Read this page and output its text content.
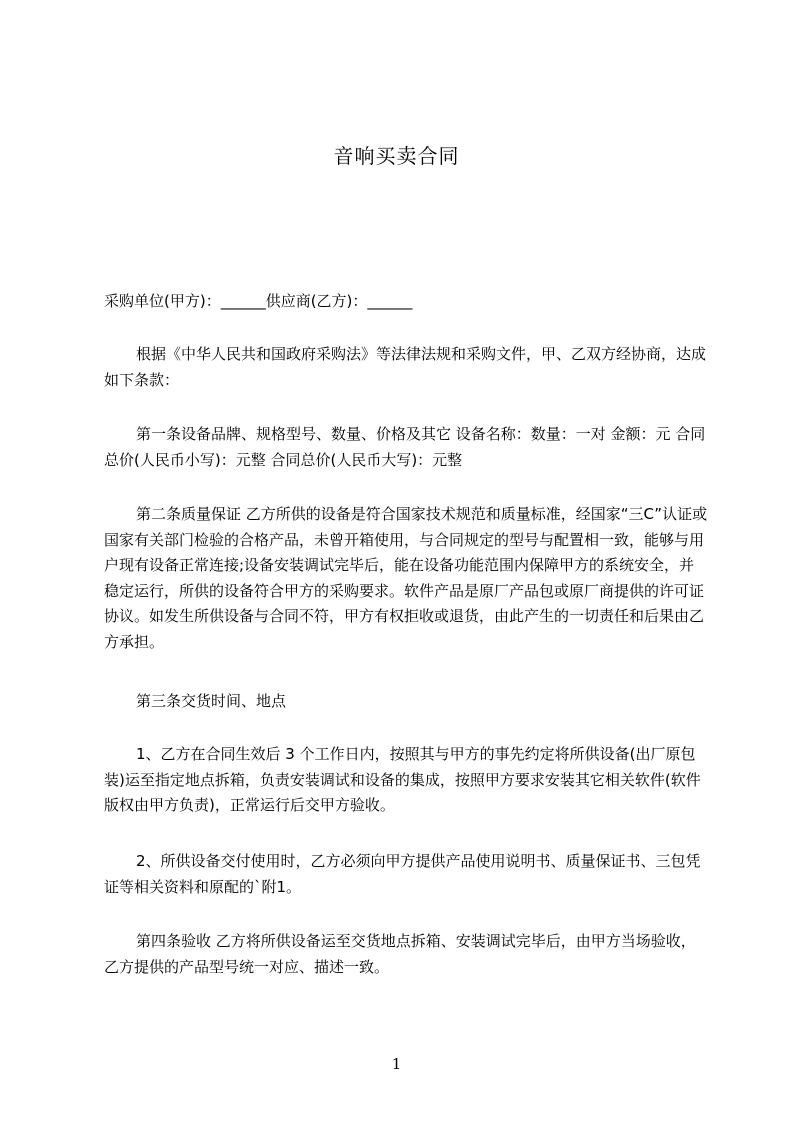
音响买卖合同

采购单位(甲方)：______供应商(乙方)：______

根据《中华人民共和国政府采购法》等法律法规和采购文件，甲、乙双方经协商，达成如下条款：

第一条设备品牌、规格型号、数量、价格及其它 设备名称：数量：一对 金额：元 合同总价(人民币小写)：元整 合同总价(人民币大写)：元整

第二条质量保证 乙方所供的设备是符合国家技术规范和质量标准，经国家“三C”认证或国家有关部门检验的合格产品，未曾开箱使用，与合同规定的型号与配置相一致，能够与用户现有设备正常连接;设备安装调试完毕后，能在设备功能范围内保障甲方的系统安全，并稳定运行，所供的设备符合甲方的采购要求。软件产品是原厂产品包或原厂商提供的许可证协议。如发生所供设备与合同不符，甲方有权拒收或退货，由此产生的一切责任和后果由乙方承担。

第三条交货时间、地点

1、乙方在合同生效后 3 个工作日内，按照其与甲方的事先约定将所供设备(出厂原包装)运至指定地点拆箱，负责安装调试和设备的集成，按照甲方要求安装其它相关软件(软件版权由甲方负责)，正常运行后交甲方验收。

2、所供设备交付使用时，乙方必须向甲方提供产品使用说明书、质量保证书、三包凭证等相关资料和原配的`附1。

第四条验收 乙方将所供设备运至交货地点拆箱、安装调试完毕后，由甲方当场验收，乙方提供的产品型号统一对应、描述一致。

1
